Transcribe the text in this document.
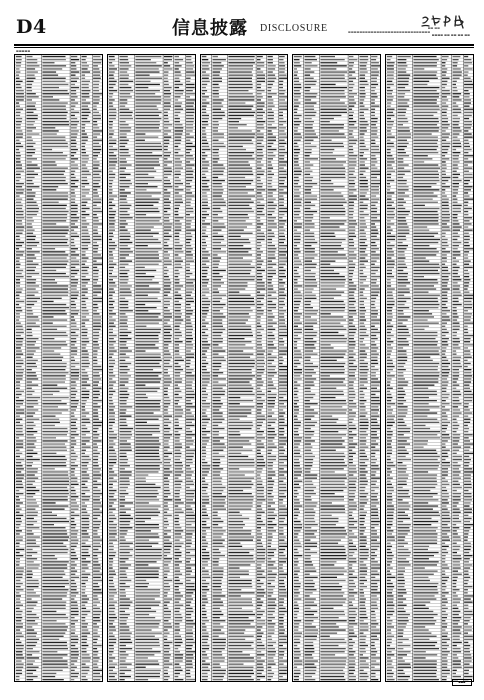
D4	信息披露 DISCLOSURE	▬▬ ▬▬
▬▬▬▬▬▬▬▬▬▬▬▬▬▬▬▬▬▬▬▬▬▬▬▬▬▬▬▬▬
▬▬▬▬ ▬▬ ▬▬ ▬▬ ▬▬
▬▬▬▬▬
▬▬▬
